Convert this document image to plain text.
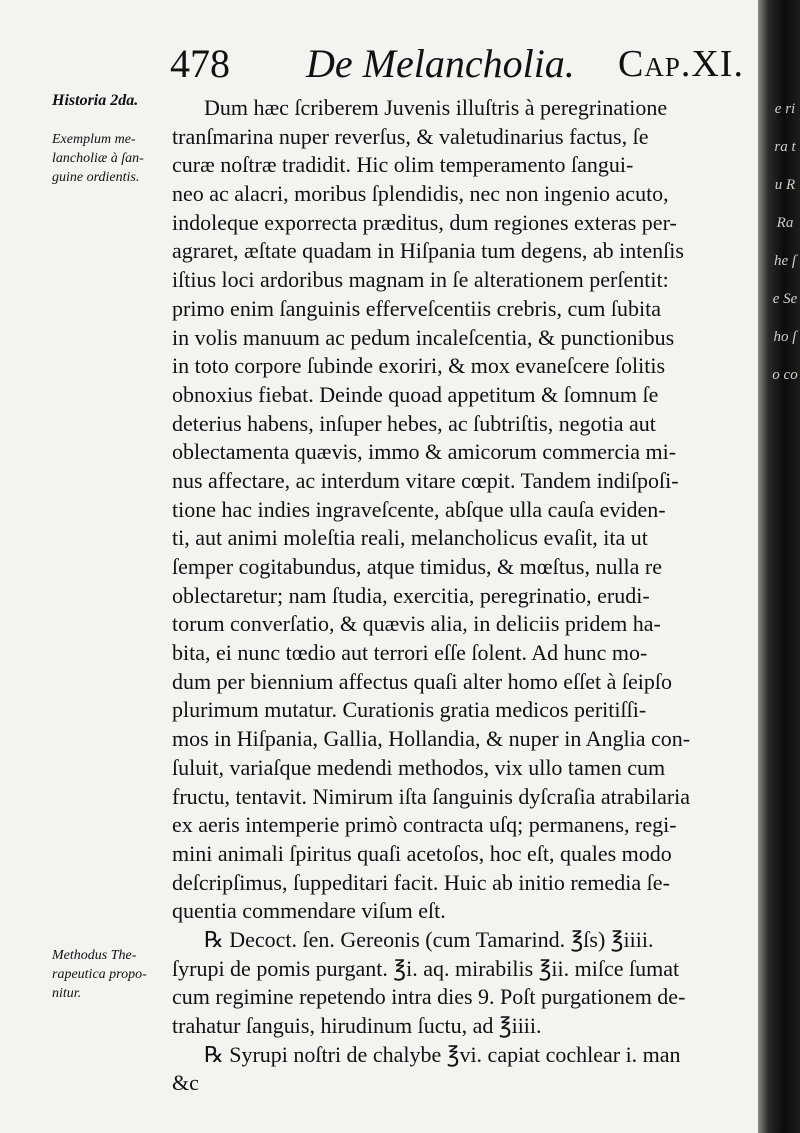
478 De Melancholia. Cap.XI.
Historia 2da.
Exemplum me-
lancholiæ à ſan-
guine ordientis.
Methodus The-
rapeutica propo-
nitur.
Dum hæc ſcriberem Juvenis illuſtris à peregrinatione
tranſmarina nuper reverſus, & valetudinarius factus, ſe
curæ noſtræ tradidit. Hic olim temperamento ſangui-
neo ac alacri, moribus ſplendidis, nec non ingenio acuto,
indoleque exporrecta præditus, dum regiones exteras per-
agraret, æſtate quadam in Hiſpania tum degens, ab intenſis
iſtius loci ardoribus magnam in ſe alterationem perſentit:
primo enim ſanguinis efferveſcentiis crebris, cum ſubita
in volis manuum ac pedum incaleſcentia, & punctionibus
in toto corpore ſubinde exoriri, & mox evaneſcere ſolitis
obnoxius fiebat. Deinde quoad appetitum & ſomnum ſe
deterius habens, inſuper hebes, ac ſubtriſtis, negotia aut
oblectamenta quævis, immo & amicorum commercia mi-
nus affectare, ac interdum vitare cœpit. Tandem indiſpoſi-
tione hac indies ingraveſcente, abſque ulla cauſa eviden-
ti, aut animi moleſtia reali, melancholicus evaſit, ita ut
ſemper cogitabundus, atque timidus, & mœſtus, nulla re
oblectaretur; nam ſtudia, exercitia, peregrinatio, erudi-
torum converſatio, & quævis alia, in deliciis pridem ha-
bita, ei nunc tœdio aut terrori eſſe ſolent. Ad hunc mo-
dum per biennium affectus quaſi alter homo eſſet à ſeipſo
plurimum mutatur. Curationis gratia medicos peritiſſi-
mos in Hiſpania, Gallia, Hollandia, & nuper in Anglia con-
ſuluit, variaſque medendi methodos, vix ullo tamen cum
fructu, tentavit. Nimirum iſta ſanguinis dyſcraſia atrabilaria
ex aeris intemperie primò contracta uſq; permanens, regi-
mini animali ſpiritus quaſi acetoſos, hoc eſt, quales modo
deſcripſimus, ſuppeditari facit. Huic ab initio remedia ſe-
quentia commendare viſum eſt.
℞ Decoct. ſen. Gereonis (cum Tamarind. ℥ſs) ℥iiii.
ſyrupi de pomis purgant. ℥i. aq. mirabilis ℥ii. miſce ſumat
cum regimine repetendo intra dies 9. Poſt purgationem de-
trahatur ſanguis, hirudinum ſuctu, ad ℥iiii.
℞ Syrupi noſtri de chalybe ℥vi. capiat cochlear i. man
&c
e ri ra tu R Ra he ſe Se ho ſo co
